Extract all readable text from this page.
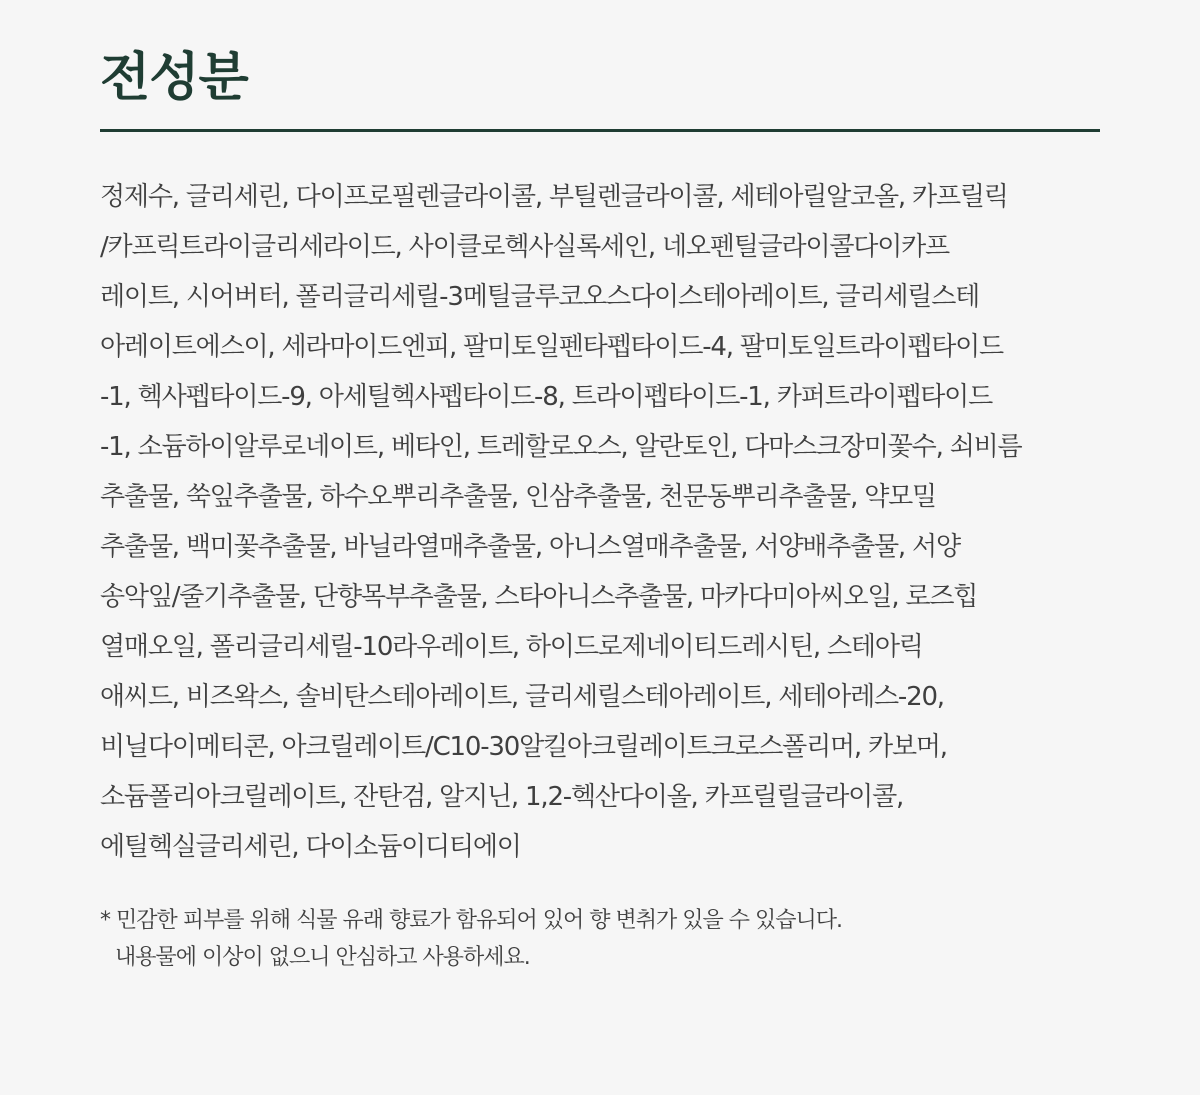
전성분
정제수, 글리세린, 다이프로필렌글라이콜, 부틸렌글라이콜, 세테아릴알코올, 카프릴릭
/카프릭트라이글리세라이드, 사이클로헥사실록세인, 네오펜틸글라이콜다이카프
레이트, 시어버터, 폴리글리세릴-3메틸글루코오스다이스테아레이트, 글리세릴스테
아레이트에스이, 세라마이드엔피, 팔미토일펜타펩타이드-4, 팔미토일트라이펩타이드
-1, 헥사펩타이드-9, 아세틸헥사펩타이드-8, 트라이펩타이드-1, 카퍼트라이펩타이드
-1, 소듐하이알루로네이트, 베타인, 트레할로오스, 알란토인, 다마스크장미꽃수, 쇠비름
추출물, 쑥잎추출물, 하수오뿌리추출물, 인삼추출물, 천문동뿌리추출물, 약모밀
추출물, 백미꽃추출물, 바닐라열매추출물, 아니스열매추출물, 서양배추출물, 서양
송악잎/줄기추출물, 단향목부추출물, 스타아니스추출물, 마카다미아씨오일, 로즈힙
열매오일, 폴리글리세릴-10라우레이트, 하이드로제네이티드레시틴, 스테아릭
애씨드, 비즈왁스, 솔비탄스테아레이트, 글리세릴스테아레이트, 세테아레스-20,
비닐다이메티콘, 아크릴레이트/C10-30알킬아크릴레이트크로스폴리머, 카보머,
소듐폴리아크릴레이트, 잔탄검, 알지닌, 1,2-헥산다이올, 카프릴릴글라이콜,
에틸헥실글리세린, 다이소듐이디티에이
* 민감한 피부를 위해 식물 유래 향료가 함유되어 있어 향 변취가 있을 수 있습니다.
내용물에 이상이 없으니 안심하고 사용하세요.
